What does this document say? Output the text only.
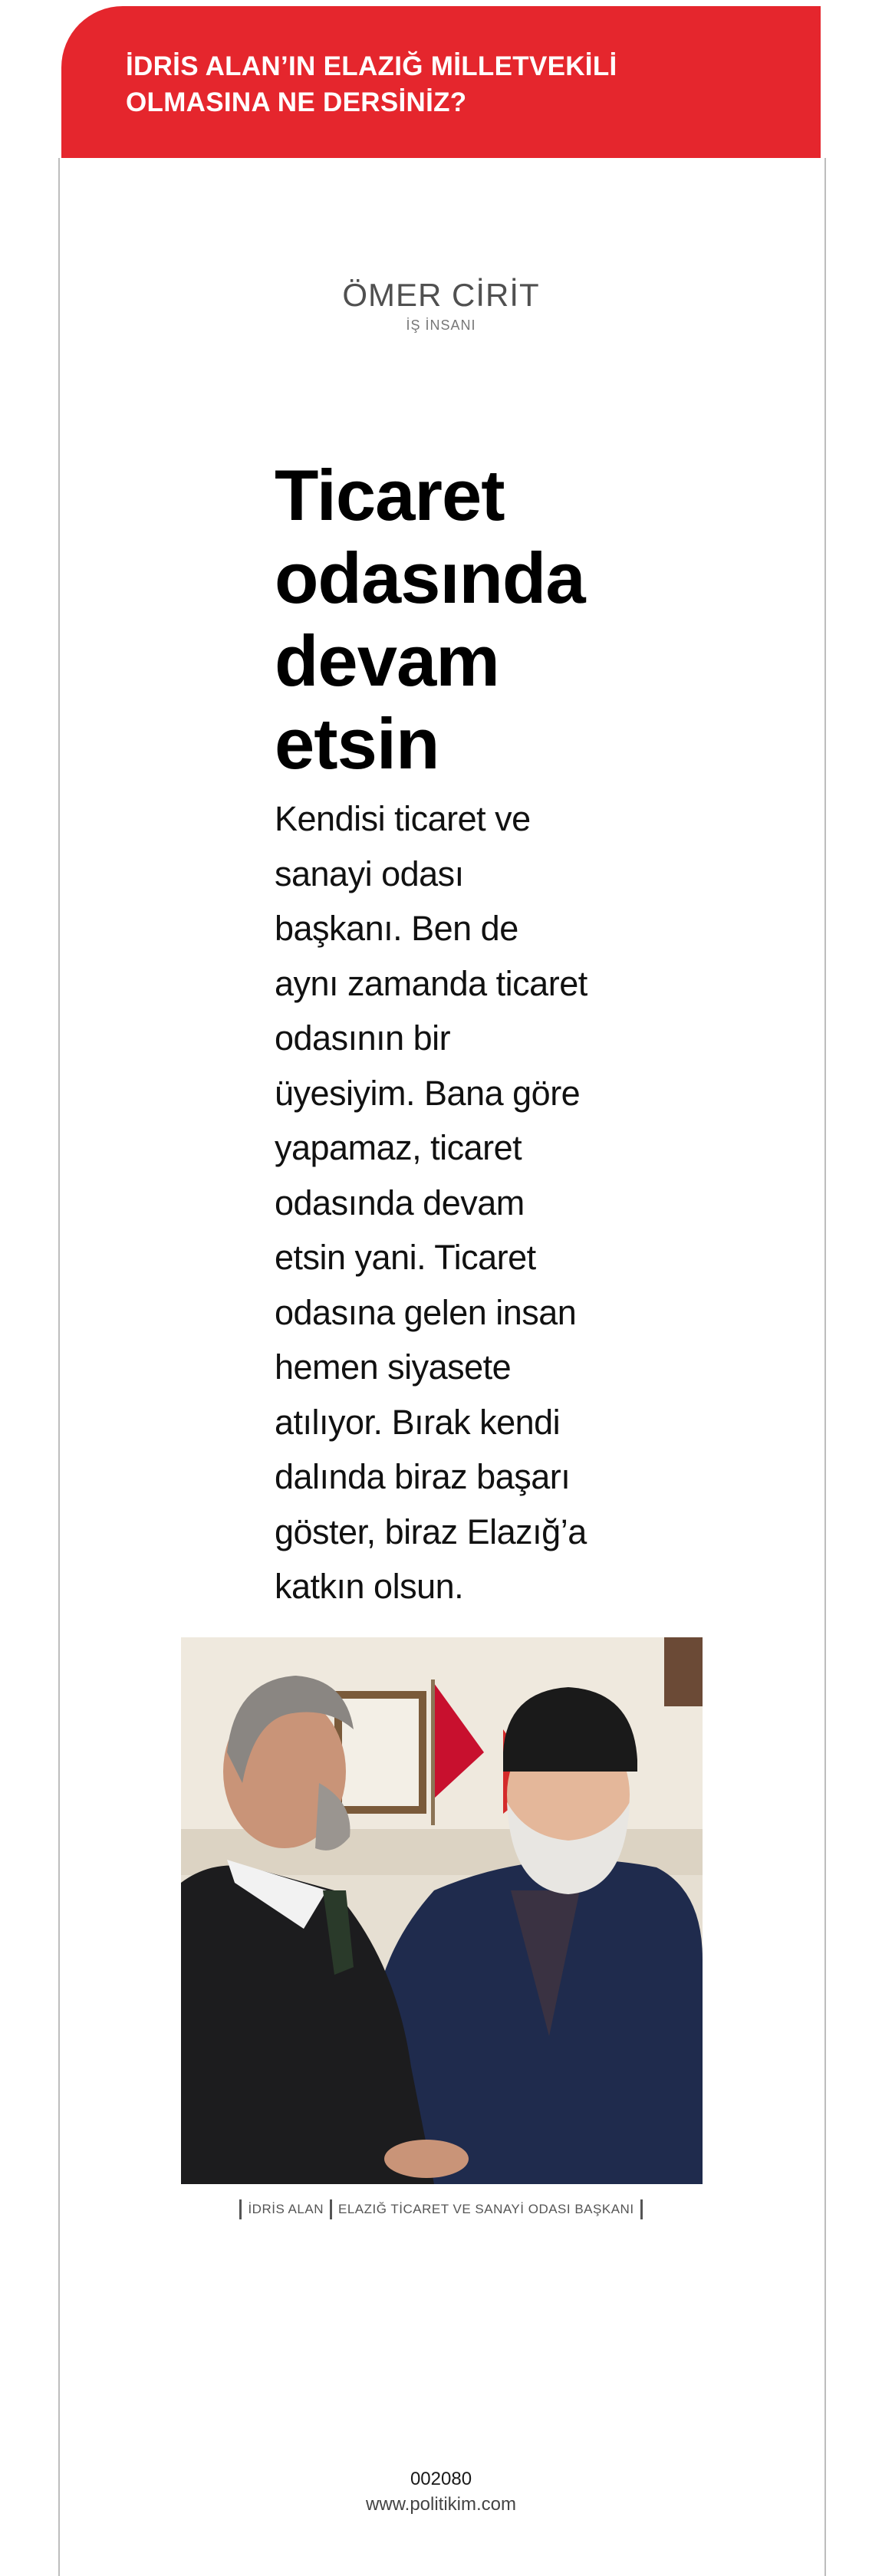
İDRİS ALAN’IN ELAZIĞ MİLLETVEKİLİ OLMASINA NE DERSİNİZ?
ÖMER CİRİT
İŞ İNSANI
Ticaret odasında devam etsin
Kendisi ticaret ve sanayi odası başkanı. Ben de aynı zamanda ticaret odasının bir üyesiyim. Bana göre yapamaz, ticaret odasında devam etsin yani. Ticaret odasına gelen insan hemen siyasete atılıyor. Bırak kendi dalında biraz başarı göster, biraz Elazığ’a katkın olsun.
İDRİS ALAN ELAZIĞ TİCARET VE SANAYİ ODASI BAŞKANI
002080
www.politikim.com
